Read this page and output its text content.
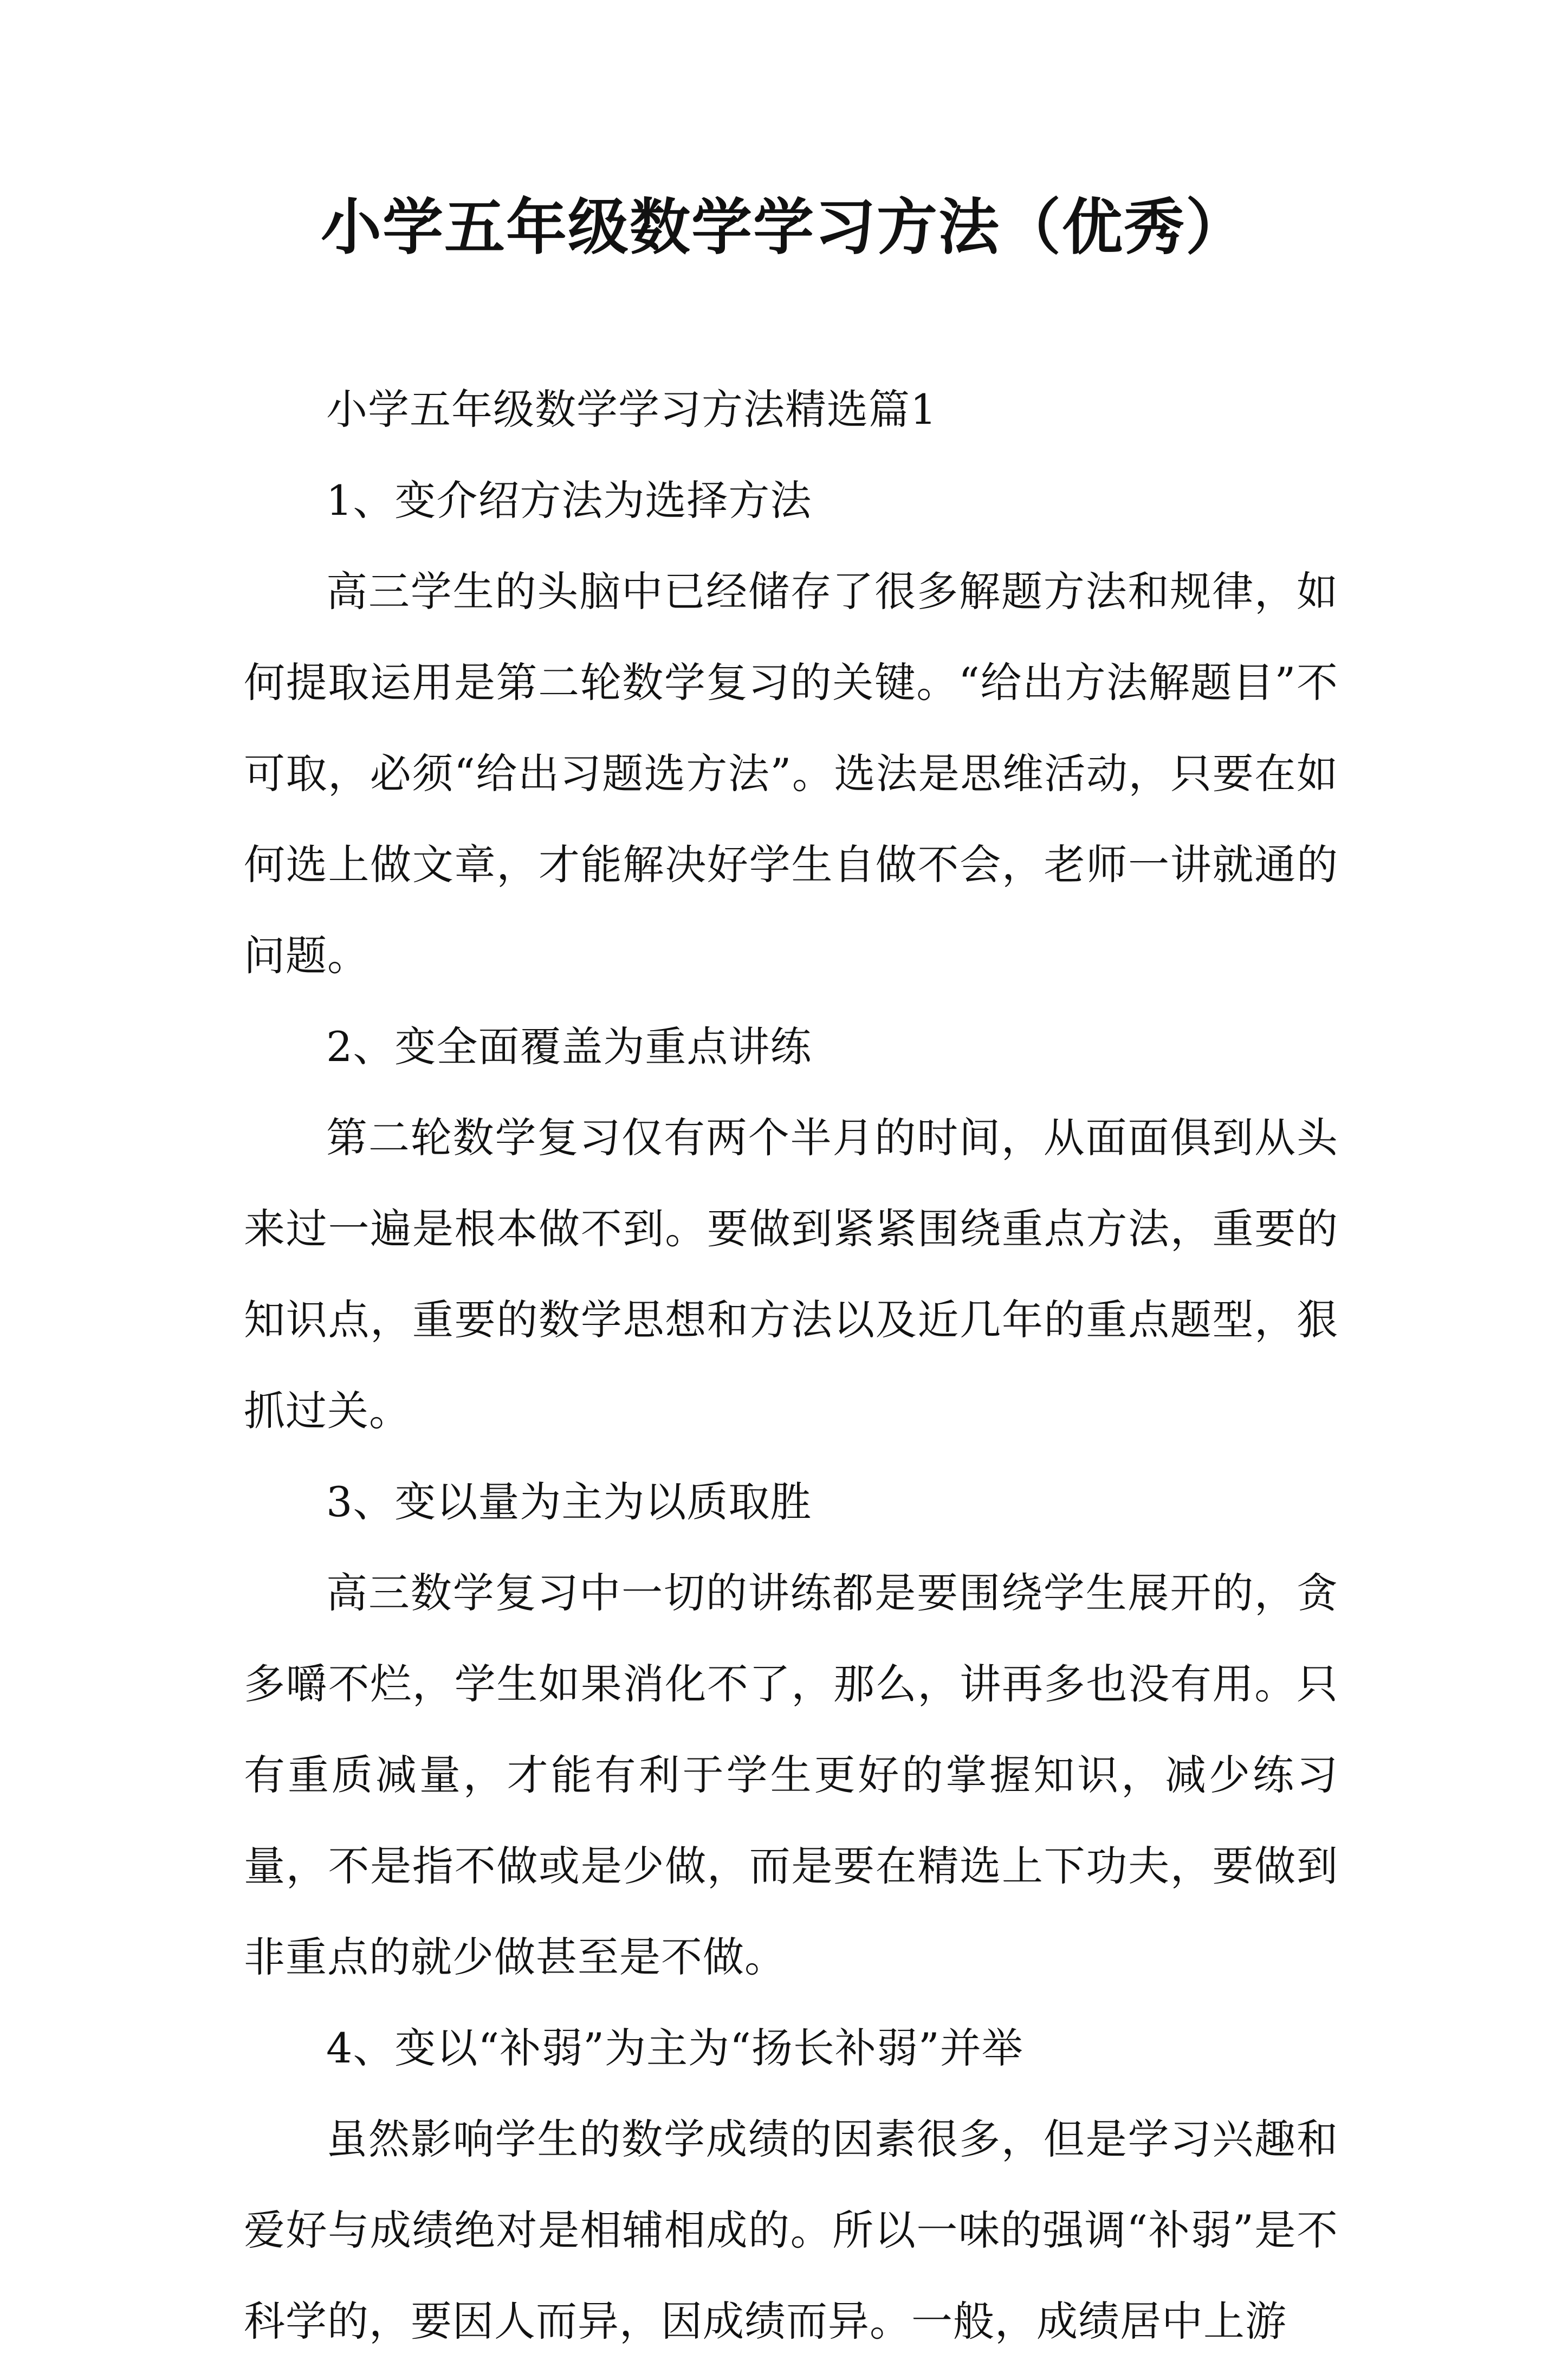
小学五年级数学学习方法（优秀）

小学五年级数学学习方法精选篇1

1、变介绍方法为选择方法

高三学生的头脑中已经储存了很多解题方法和规律，如何提取运用是第二轮数学复习的关键。“给出方法解题目”不可取，必须“给出习题选方法”。选法是思维活动，只要在如何选上做文章，才能解决好学生自做不会，老师一讲就通的问题。

2、变全面覆盖为重点讲练

第二轮数学复习仅有两个半月的时间，从面面俱到从头来过一遍是根本做不到。要做到紧紧围绕重点方法，重要的知识点，重要的数学思想和方法以及近几年的重点题型，狠抓过关。

3、变以量为主为以质取胜

高三数学复习中一切的讲练都是要围绕学生展开的，贪多嚼不烂，学生如果消化不了，那么，讲再多也没有用。只有重质减量，才能有利于学生更好的掌握知识，减少练习量，不是指不做或是少做，而是要在精选上下功夫，要做到非重点的就少做甚至是不做。

4、变以“补弱”为主为“扬长补弱”并举

虽然影响学生的数学成绩的因素很多，但是学习兴趣和爱好与成绩绝对是相辅相成的。所以一味的强调“补弱”是不科学的，要因人而异，因成绩而异。一般，成绩居中上游
